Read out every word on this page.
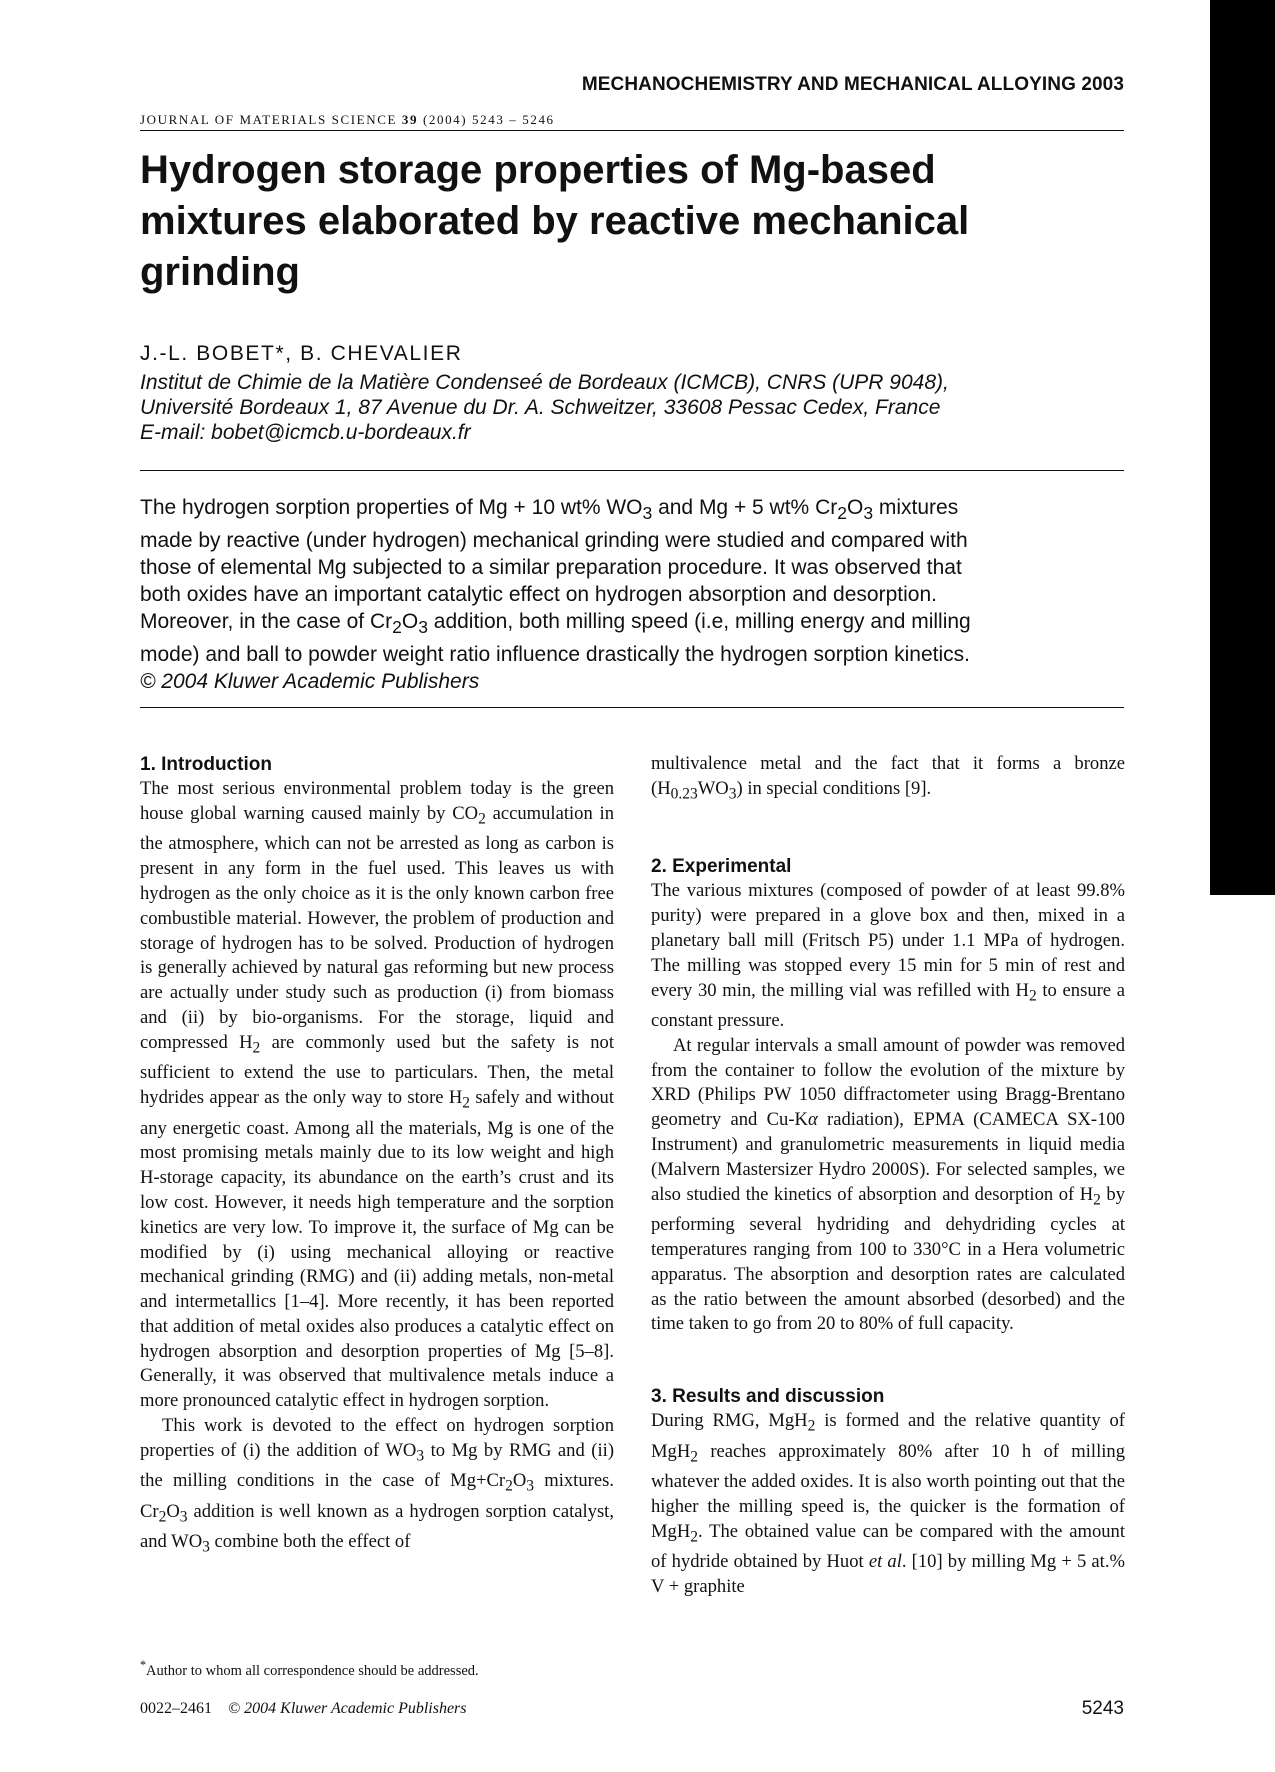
MECHANOCHEMISTRY AND MECHANICAL ALLOYING 2003
JOURNAL OF MATERIALS SCIENCE 39 (2004) 5243 – 5246
Hydrogen storage properties of Mg-based mixtures elaborated by reactive mechanical grinding
J.-L. BOBET*, B. CHEVALIER
Institut de Chimie de la Matière Condenseé de Bordeaux (ICMCB), CNRS (UPR 9048),
Université Bordeaux 1, 87 Avenue du Dr. A. Schweitzer, 33608 Pessac Cedex, France
E-mail: bobet@icmcb.u-bordeaux.fr
The hydrogen sorption properties of Mg + 10 wt% $WO_3$ and Mg + 5 wt% $Cr_2O_3$ mixtures
made by reactive (under hydrogen) mechanical grinding were studied and compared with
those of elemental Mg subjected to a similar preparation procedure. It was observed that
both oxides have an important catalytic effect on hydrogen absorption and desorption.
Moreover, in the case of $Cr_2O_3$ addition, both milling speed (i.e, milling energy and milling
mode) and ball to powder weight ratio influence drastically the hydrogen sorption kinetics.
© 2004 Kluwer Academic Publishers
1. Introduction

The most serious environmental problem today is the green house global warning caused mainly by $CO_2$ accumulation in the atmosphere, which can not be arrested as long as carbon is present in any form in the fuel used. This leaves us with hydrogen as the only choice as it is the only known carbon free combustible material. However, the problem of production and storage of hydrogen has to be solved. Production of hydrogen is generally achieved by natural gas reforming but new process are actually under study such as production (i) from biomass and (ii) by bio-organisms. For the storage, liquid and compressed $H_2$ are commonly used but the safety is not sufficient to extend the use to particulars. Then, the metal hydrides appear as the only way to store $H_2$ safely and without any energetic coast. Among all the materials, Mg is one of the most promising metals mainly due to its low weight and high H-storage capacity, its abundance on the earth’s crust and its low cost. However, it needs high temperature and the sorption kinetics are very low. To improve it, the surface of Mg can be modified by (i) using mechanical alloying or reactive mechanical grinding (RMG) and (ii) adding metals, non-metal and intermetallics [1–4]. More recently, it has been reported that addition of metal oxides also produces a catalytic effect on hydrogen absorption and desorption properties of Mg [5–8]. Generally, it was observed that multivalence metals induce a more pronounced catalytic effect in hydrogen sorption.

This work is devoted to the effect on hydrogen sorption properties of (i) the addition of $WO_3$ to Mg by RMG and (ii) the milling conditions in the case of $Mg+Cr_2O_3$ mixtures. $Cr_2O_3$ addition is well known as a hydrogen sorption catalyst, and $WO_3$ combine both the effect of

multivalence metal and the fact that it forms a bronze $(H_{0.23}WO_3)$ in special conditions [9].

2. Experimental

The various mixtures (composed of powder of at least 99.8% purity) were prepared in a glove box and then, mixed in a planetary ball mill (Fritsch P5) under 1.1 MPa of hydrogen. The milling was stopped every 15 min for 5 min of rest and every 30 min, the milling vial was refilled with $H_2$ to ensure a constant pressure.

At regular intervals a small amount of powder was removed from the container to follow the evolution of the mixture by XRD (Philips PW 1050 diffractometer using Bragg-Brentano geometry and Cu-Kα radiation), EPMA (CAMECA SX-100 Instrument) and granulometric measurements in liquid media (Malvern Mastersizer Hydro 2000S). For selected samples, we also studied the kinetics of absorption and desorption of $H_2$ by performing several hydriding and dehydriding cycles at temperatures ranging from 100 to 330°C in a Hera volumetric apparatus. The absorption and desorption rates are calculated as the ratio between the amount absorbed (desorbed) and the time taken to go from 20 to 80% of full capacity.

3. Results and discussion

During RMG, MgH$_2$ is formed and the relative quantity of MgH$_2$ reaches approximately 80% after 10 h of milling whatever the added oxides. It is also worth pointing out that the higher the milling speed is, the quicker is the formation of MgH$_2$. The obtained value can be compared with the amount of hydride obtained by Huot et al. [10] by milling Mg + 5 at.% V + graphite

*Author to whom all correspondence should be addressed.
0022–2461 © 2004 Kluwer Academic Publishers	5243
